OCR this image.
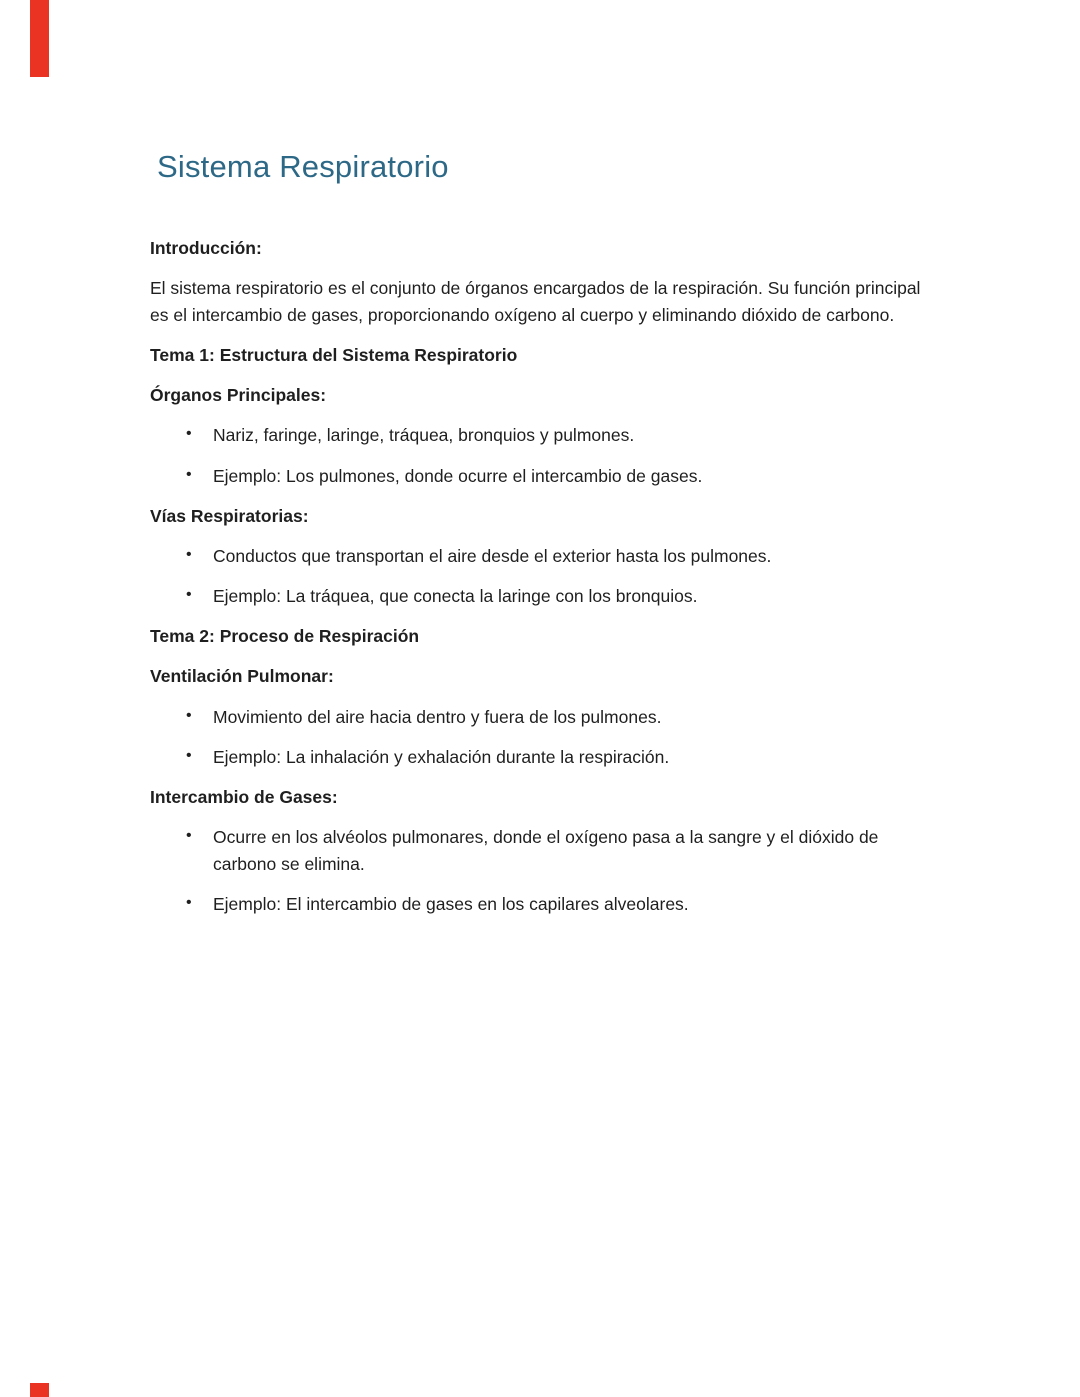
Sistema Respiratorio

Introducción:

El sistema respiratorio es el conjunto de órganos encargados de la respiración. Su función principal es el intercambio de gases, proporcionando oxígeno al cuerpo y eliminando dióxido de carbono.

Tema 1: Estructura del Sistema Respiratorio

Órganos Principales:

• Nariz, faringe, laringe, tráquea, bronquios y pulmones.
• Ejemplo: Los pulmones, donde ocurre el intercambio de gases.

Vías Respiratorias:

• Conductos que transportan el aire desde el exterior hasta los pulmones.
• Ejemplo: La tráquea, que conecta la laringe con los bronquios.

Tema 2: Proceso de Respiración

Ventilación Pulmonar:

• Movimiento del aire hacia dentro y fuera de los pulmones.
• Ejemplo: La inhalación y exhalación durante la respiración.

Intercambio de Gases:

• Ocurre en los alvéolos pulmonares, donde el oxígeno pasa a la sangre y el dióxido de carbono se elimina.
• Ejemplo: El intercambio de gases en los capilares alveolares.
